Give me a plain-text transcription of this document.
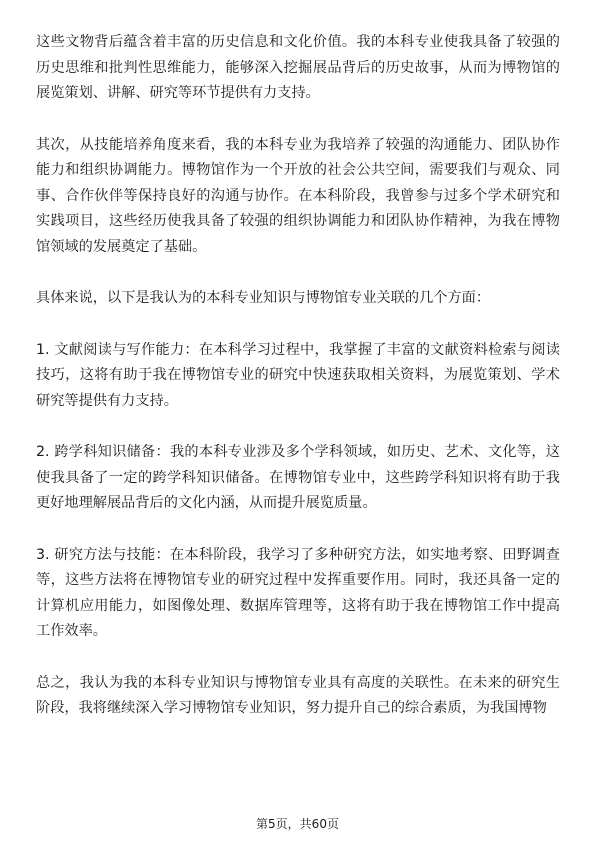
这些文物背后蕴含着丰富的历史信息和文化价值。我的本科专业使我具备了较强的历史思维和批判性思维能力，能够深入挖掘展品背后的历史故事，从而为博物馆的展览策划、讲解、研究等环节提供有力支持。

其次，从技能培养角度来看，我的本科专业为我培养了较强的沟通能力、团队协作能力和组织协调能力。博物馆作为一个开放的社会公共空间，需要我们与观众、同事、合作伙伴等保持良好的沟通与协作。在本科阶段，我曾参与过多个学术研究和实践项目，这些经历使我具备了较强的组织协调能力和团队协作精神，为我在博物馆领域的发展奠定了基础。

具体来说，以下是我认为的本科专业知识与博物馆专业关联的几个方面：

1. 文献阅读与写作能力：在本科学习过程中，我掌握了丰富的文献资料检索与阅读技巧，这将有助于我在博物馆专业的研究中快速获取相关资料，为展览策划、学术研究等提供有力支持。

2. 跨学科知识储备：我的本科专业涉及多个学科领域，如历史、艺术、文化等，这使我具备了一定的跨学科知识储备。在博物馆专业中，这些跨学科知识将有助于我更好地理解展品背后的文化内涵，从而提升展览质量。

3. 研究方法与技能：在本科阶段，我学习了多种研究方法，如实地考察、田野调查等，这些方法将在博物馆专业的研究过程中发挥重要作用。同时，我还具备一定的计算机应用能力，如图像处理、数据库管理等，这将有助于我在博物馆工作中提高工作效率。

总之，我认为我的本科专业知识与博物馆专业具有高度的关联性。在未来的研究生阶段，我将继续深入学习博物馆专业知识，努力提升自己的综合素质，为我国博物

第5页，共60页
